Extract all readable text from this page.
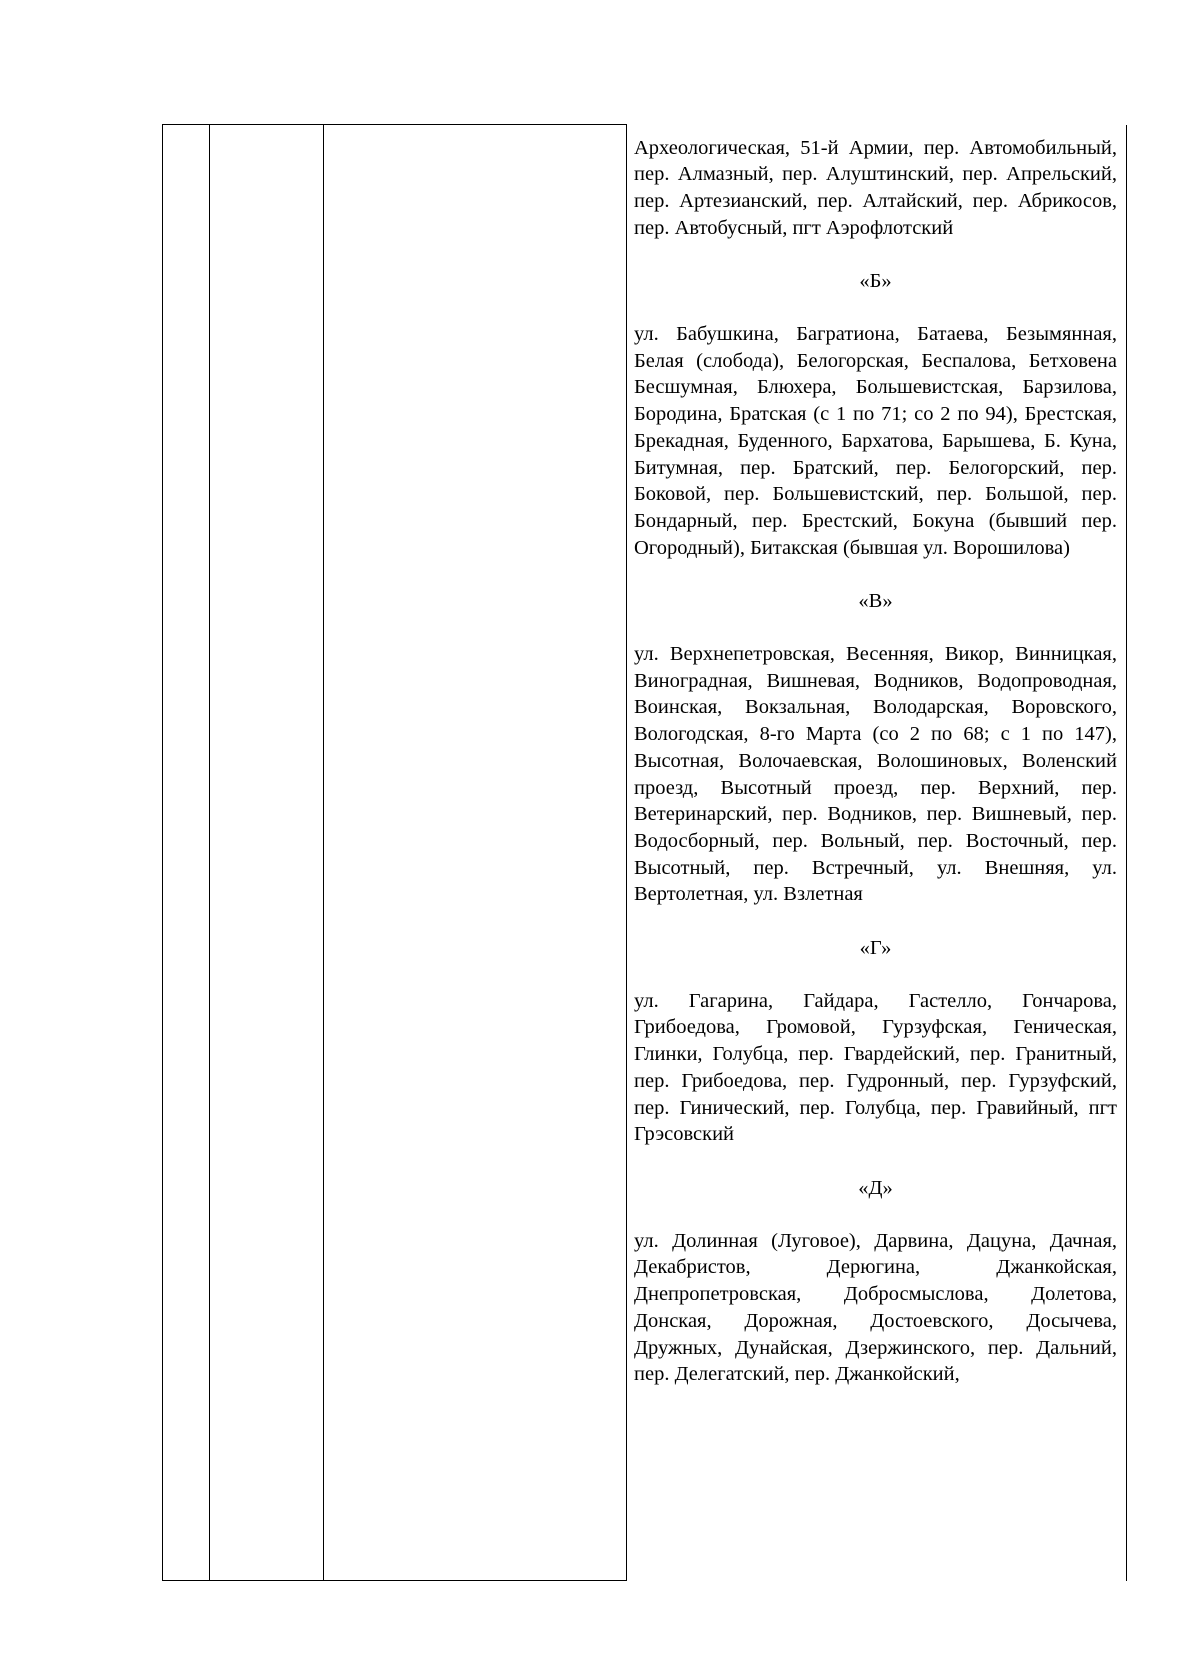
Археологическая, 51-й Армии, пер. Автомобильный, пер. Алмазный, пер. Алуштинский, пер. Апрельский, пер. Артезианский, пер. Алтайский, пер. Абрикосов, пер. Автобусный, пгт Аэрофлотский

«Б»

ул. Бабушкина, Багратиона, Батаева, Безымянная, Белая (слобода), Белогорская, Беспалова, Бетховена Бесшумная, Блюхера, Большевистская, Барзилова, Бородина, Братская (с 1 по 71; со 2 по 94), Брестская, Брекадная, Буденного, Бархатова, Барышева, Б. Куна, Битумная, пер. Братский, пер. Белогорский, пер. Боковой, пер. Большевистский, пер. Большой, пер. Бондарный, пер. Брестский, Бокуна (бывший пер. Огородный), Битакская (бывшая ул. Ворошилова)

«В»

ул. Верхнепетровская, Весенняя, Викор, Винницкая, Виноградная, Вишневая, Водников, Водопроводная, Воинская, Вокзальная, Володарская, Воровского, Вологодская, 8-го Марта (со 2 по 68; с 1 по 147), Высотная, Волочаевская, Волошиновых, Воленский проезд, Высотный проезд, пер. Верхний, пер. Ветеринарский, пер. Водников, пер. Вишневый, пер. Водосборный, пер. Вольный, пер. Восточный, пер. Высотный, пер. Встречный, ул. Внешняя, ул. Вертолетная, ул. Взлетная

«Г»

ул. Гагарина, Гайдара, Гастелло, Гончарова, Грибоедова, Громовой, Гурзуфская, Геническая, Глинки, Голубца, пер. Гвардейский, пер. Гранитный, пер. Грибоедова, пер. Гудронный, пер. Гурзуфский, пер. Гинический, пер. Голубца, пер. Гравийный, пгт Грэсовский

«Д»

ул. Долинная (Луговое), Дарвина, Дацуна, Дачная, Декабристов, Дерюгина, Джанкойская, Днепропетровская, Добросмыслова, Долетова, Донская, Дорожная, Достоевского, Досычева, Дружных, Дунайская, Дзержинского, пер. Дальний, пер. Делегатский, пер. Джанкойский,
